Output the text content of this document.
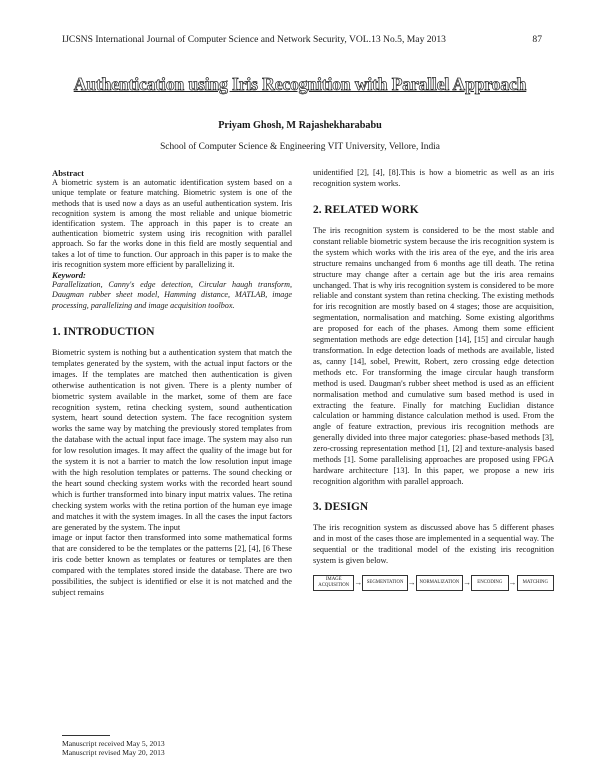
IJCSNS International Journal of Computer Science and Network Security, VOL.13 No.5, May 2013	87
Authentication using Iris Recognition with Parallel Approach
Priyam Ghosh, M Rajashekharababu
School of Computer Science & Engineering VIT University, Vellore, India

Abstract

A biometric system is an automatic identification system based on a unique template or feature matching. Biometric system is one of the methods that is used now a days as an useful authentication system. Iris recognition system is among the most reliable and unique biometric identification system. The approach in this paper is to create an authentication biometric system using iris recognition with parallel approach. So far the works done in this field are mostly sequential and takes a lot of time to function. Our approach in this paper is to make the iris recognition system more efficient by parallelizing it.

Keyword:

Parallelization, Canny's edge detection, Circular haugh transform, Daugman rubber sheet model, Hamming distance, MATLAB, image processing, parallelizing and image acquisition toolbox.

1. INTRODUCTION

Biometric system is nothing but a authentication system that match the templates generated by the system, with the actual input factors or the images. If the templates are matched then authentication is given otherwise authentication is not given. There is a plenty number of biometric system available in the market, some of them are face recognition system, retina checking system, sound authentication system, heart sound detection system. The face recognition system works the same way by matching the previously stored templates from the database with the actual input face image. The system may also run for low resolution images. It may affect the quality of the image but for the system it is not a barrier to match the low resolution input image with the high resolution templates or patterns. The sound checking or the heart sound checking system works with the recorded heart sound which is further transformed into binary input matrix values. The retina checking system works with the retina portion of the human eye image and matches it with the system images. In all the cases the input factors are generated by the system. The input

image or input factor then transformed into some mathematical forms that are considered to be the templates or the patterns [2], [4], [6 These iris code better known as templates or features or templates are then compared with the templates stored inside the database. There are two possibilities, the subject is identified or else it is not matched and the subject remains

unidentified [2], [4], [8].This is how a biometric as well as an iris recognition system works.

2. RELATED WORK

The iris recognition system is considered to be the most stable and constant reliable biometric system because the iris recognition system is the system which works with the iris area of the eye, and the iris area structure remains unchanged from 6 months age till death. The retina structure may change after a certain age but the iris area remains unchanged. That is why iris recognition system is considered to be more reliable and constant system than retina checking. The existing methods for iris recognition are mostly based on 4 stages; those are acquisition, segmentation, normalisation and matching. Some existing algorithms are proposed for each of the phases. Among them some efficient segmentation methods are edge detection [14], [15] and circular haugh transformation. In edge detection loads of methods are available, listed as, canny [14], sobel, Prewitt, Robert, zero crossing edge detection methods etc. For transforming the image circular haugh transform method is used. Daugman's rubber sheet method is used as an efficient normalisation method and cumulative sum based method is used in extracting the feature. Finally for matching Euclidian distance calculation or hamming distance calculation method is used. From the angle of feature extraction, previous iris recognition methods are generally divided into three major categories: phase-based methods [3], zero-crossing representation method [1], [2] and texture-analysis based methods [1]. Some parallelising approaches are proposed using FPGA hardware architecture [13]. In this paper, we propose a new iris recognition algorithm with parallel approach.

3. DESIGN

The iris recognition system as discussed above has 5 different phases and in most of the cases those are implemented in a sequential way. The sequential or the traditional model of the existing iris recognition system is given below.

IMAGE ACQUISITION → SEGMENTATION → NORMALIZATION →	ENCODING →	MATCHING
Manuscript received May 5, 2013
Manuscript revised May 20, 2013
